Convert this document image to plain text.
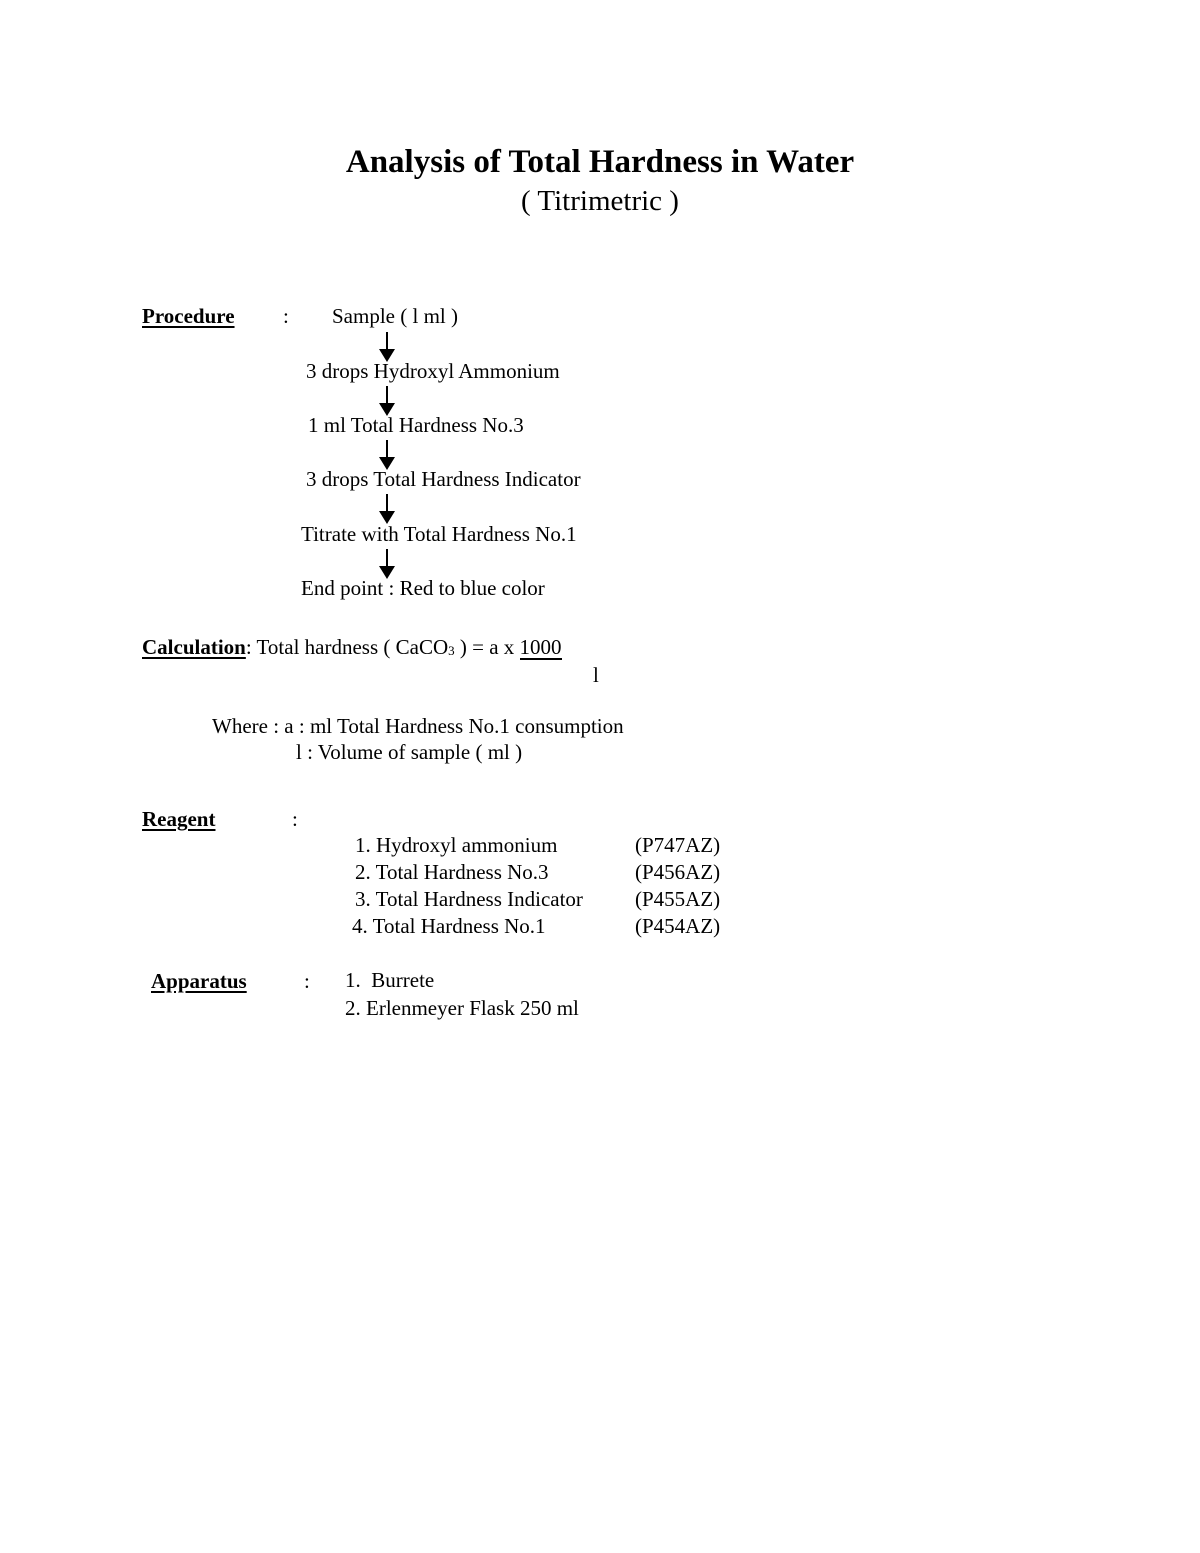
Analysis of Total Hardness in Water
( Titrimetric )
Procedure : Sample ( l ml )
3 drops Hydroxyl Ammonium
1 ml Total Hardness No.3
3 drops Total Hardness Indicator
Titrate with Total Hardness No.1
End point : Red to blue color
Calculation: Total hardness ( CaCO3 ) = a x 1000
l
Where : a : ml Total Hardness No.1 consumption
l : Volume of sample ( ml )
Reagent	:
1. Hydroxyl ammonium	(P747AZ)
2. Total Hardness No.3	(P456AZ)
3. Total Hardness Indicator (P455AZ)
4. Total Hardness No.1	(P454AZ)
Apparatus	: 1.  Burrete
2. Erlenmeyer Flask 250 ml
